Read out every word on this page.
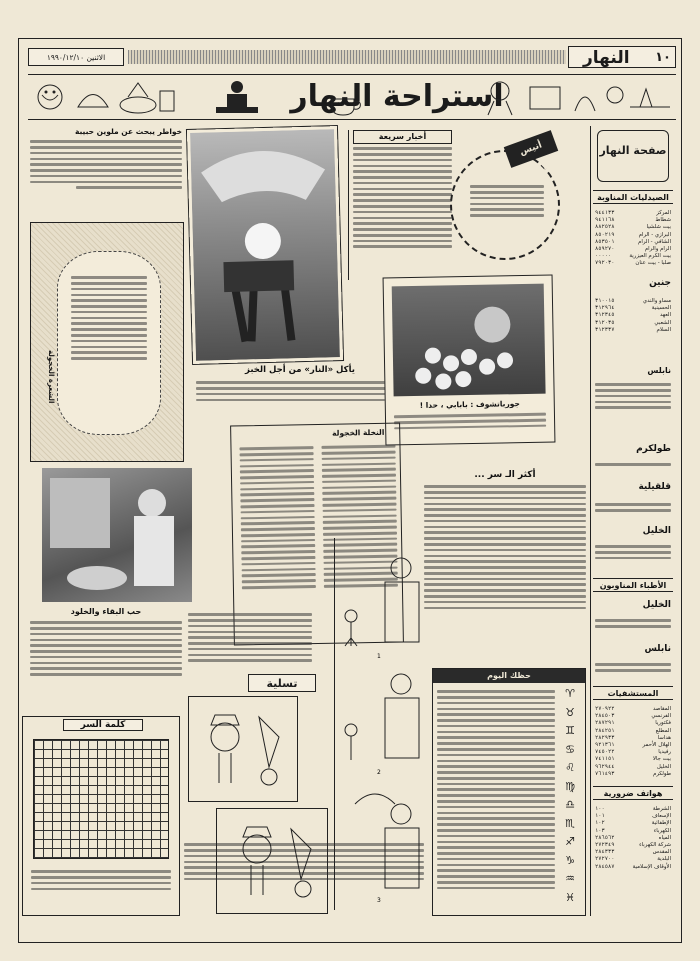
الاثنين ١٩٩٠/١٢/١٠	النهار ١٠
استراحة النهار
صفحة النهار
الصيدليات المناوبة
المركز
٩٤٤١٣٣
شطاط
٩٤١١٦٨
بيت شلشيا
٨٨٢٥٢٨
البرازي - الرام
٨٥٠٢١٩
الشافي - الرام
٨٥٣٥٠١
الرام والرام
٨٥٩٢٧٠
بيت الكرم العيزرية
٠٠٠٠٠
صلبا - بيت عنان
٧٩٢٠٣٠
جنين
مساو والندي
٣١٠٠١٥
الحسينية
٣١٢٩٦٤
العهد
٣١٢٣٤٥
الشعبي
٣١٢٠٣٥
السلام
٣١٢٣٣٧
نابلس
طولكرم
قلقيلية
الخليل
الأطباء المناوبون
الخليل
نابلس
المستشفيات
المقاصد
٢٧٠٩٢٢
الفرنسي
٢٨٤٥٠٣
فكتوريا
٢٨٧٢٩١
المطلع
٢٨٤٢٥١
هداسا
٢٨٢٩٣٣
الهلال الأحمر
٩٢١٣٦١
رفيديا
٧٤٥٠٢٢
بيت جالا
٧٤١١٥١
الخليل
٩٦٢٩٤٤
طولكرم
٧٦١٤٩٣
هواتف ضرورية
الشرطة
١٠٠
الإسعاف
١٠١
الإطفائية
١٠٢
الكهرباء
١٠٣
المياه
٢٨٦٥٦٢
شركة الكهرباء
٢٧٢٣٤٩
المقدس
٢٨٤٣٣٣
البلدية
٢٧٢٧٠٠
الأوقاف الإسلامية
٢٨٤٥٨٧
خواطر يبحث عن ملوين حبيبة
الشعرة الخجولة
حب البقاء والخلود
كلمة السر
يأكل «النار» من أجل الخبز
أخبار سريعة
أنيس الأزهر
جورباتشوف : بابابي ، حدا !
النخلة الخجولة
أكثر الـ سر ...
1
2
3
تسلية
حظك اليوم
♈
♉
♊
♋
♌
♍
♎
♏
♐
♑
♒
♓
